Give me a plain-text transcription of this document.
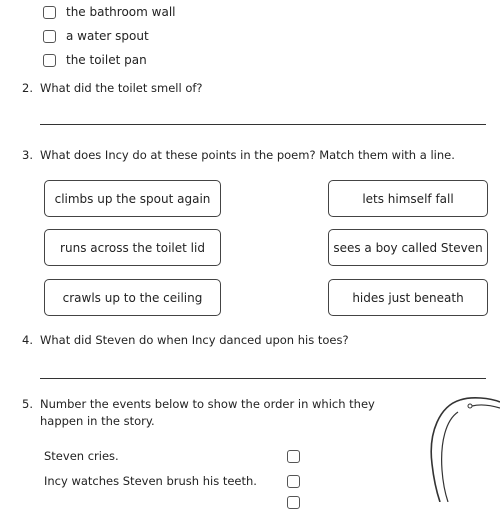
the bathroom wall
a water spout
the toilet pan
2. What did the toilet smell of?
3. What does Incy do at these points in the poem? Match them with a line.
climbs up the spout again	lets himself fall
runs across the toilet lid	sees a boy called Steven
crawls up to the ceiling	hides just beneath
4. What did Steven do when Incy danced upon his toes?
5. Number the events below to show the order in which they
happen in the story.
Steven cries.
Incy watches Steven brush his teeth.
